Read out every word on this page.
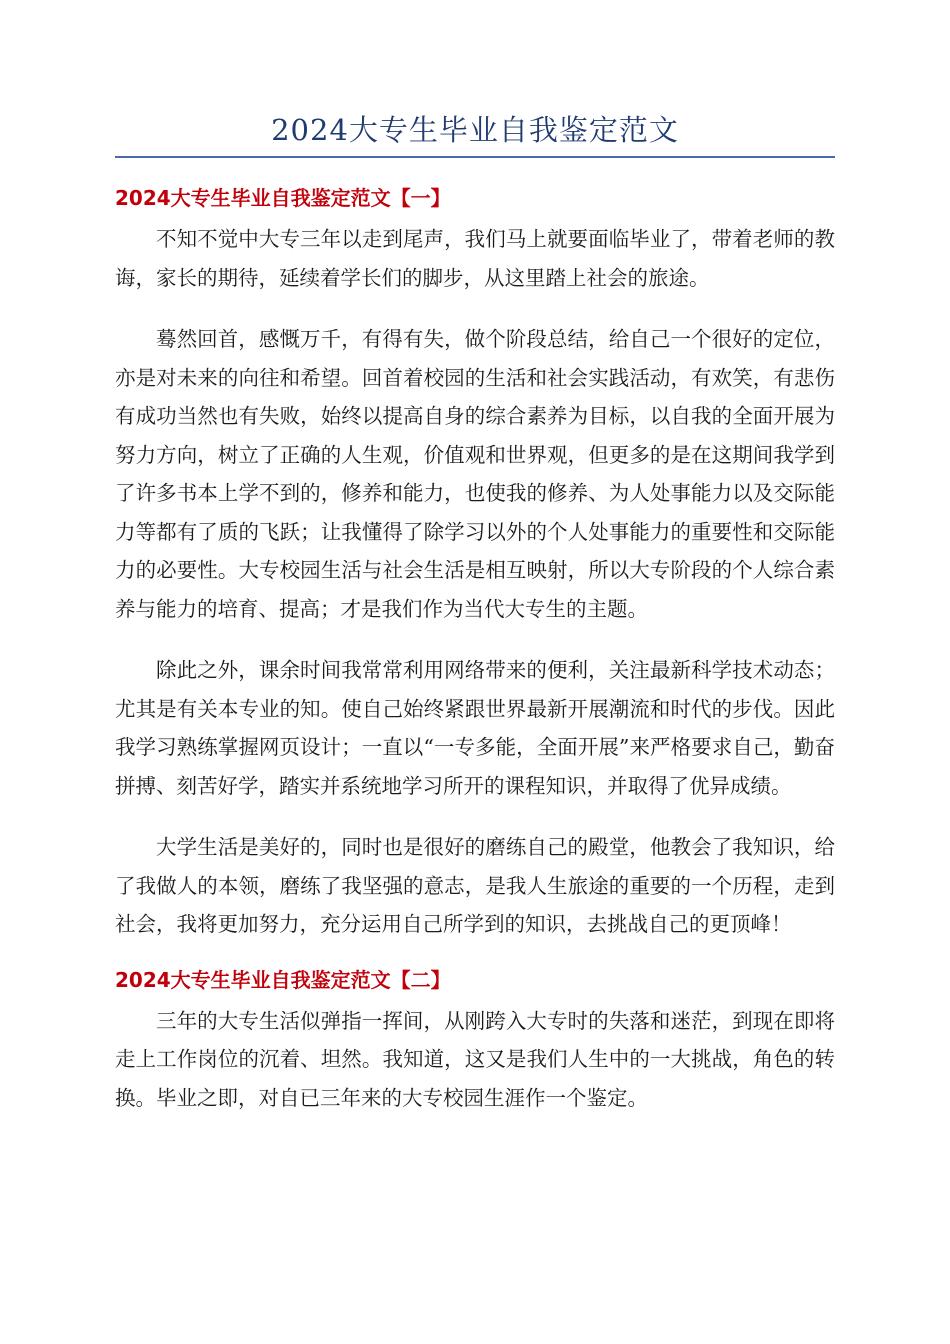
2024大专生毕业自我鉴定范文
2024大专生毕业自我鉴定范文【一】

不知不觉中大专三年以走到尾声，我们马上就要面临毕业了，带着老师的教诲，家长的期待，延续着学长们的脚步，从这里踏上社会的旅途。

蓦然回首，感慨万千，有得有失，做个阶段总结，给自己一个很好的定位，亦是对未来的向往和希望。回首着校园的生活和社会实践活动，有欢笑，有悲伤有成功当然也有失败，始终以提高自身的综合素养为目标，以自我的全面开展为努力方向，树立了正确的人生观，价值观和世界观，但更多的是在这期间我学到了许多书本上学不到的，修养和能力，也使我的修养、为人处事能力以及交际能力等都有了质的飞跃；让我懂得了除学习以外的个人处事能力的重要性和交际能力的必要性。大专校园生活与社会生活是相互映射，所以大专阶段的个人综合素养与能力的培育、提高；才是我们作为当代大专生的主题。

除此之外，课余时间我常常利用网络带来的便利，关注最新科学技术动态；尤其是有关本专业的知。使自己始终紧跟世界最新开展潮流和时代的步伐。因此我学习熟练掌握网页设计；一直以“一专多能，全面开展”来严格要求自己，勤奋拼搏、刻苦好学，踏实并系统地学习所开的课程知识，并取得了优异成绩。

大学生活是美好的，同时也是很好的磨练自己的殿堂，他教会了我知识，给了我做人的本领，磨练了我坚强的意志，是我人生旅途的重要的一个历程，走到社会，我将更加努力，充分运用自己所学到的知识，去挑战自己的更顶峰！

2024大专生毕业自我鉴定范文【二】

三年的大专生活似弹指一挥间，从刚跨入大专时的失落和迷茫，到现在即将走上工作岗位的沉着、坦然。我知道，这又是我们人生中的一大挑战，角色的转换。毕业之即，对自已三年来的大专校园生涯作一个鉴定。
